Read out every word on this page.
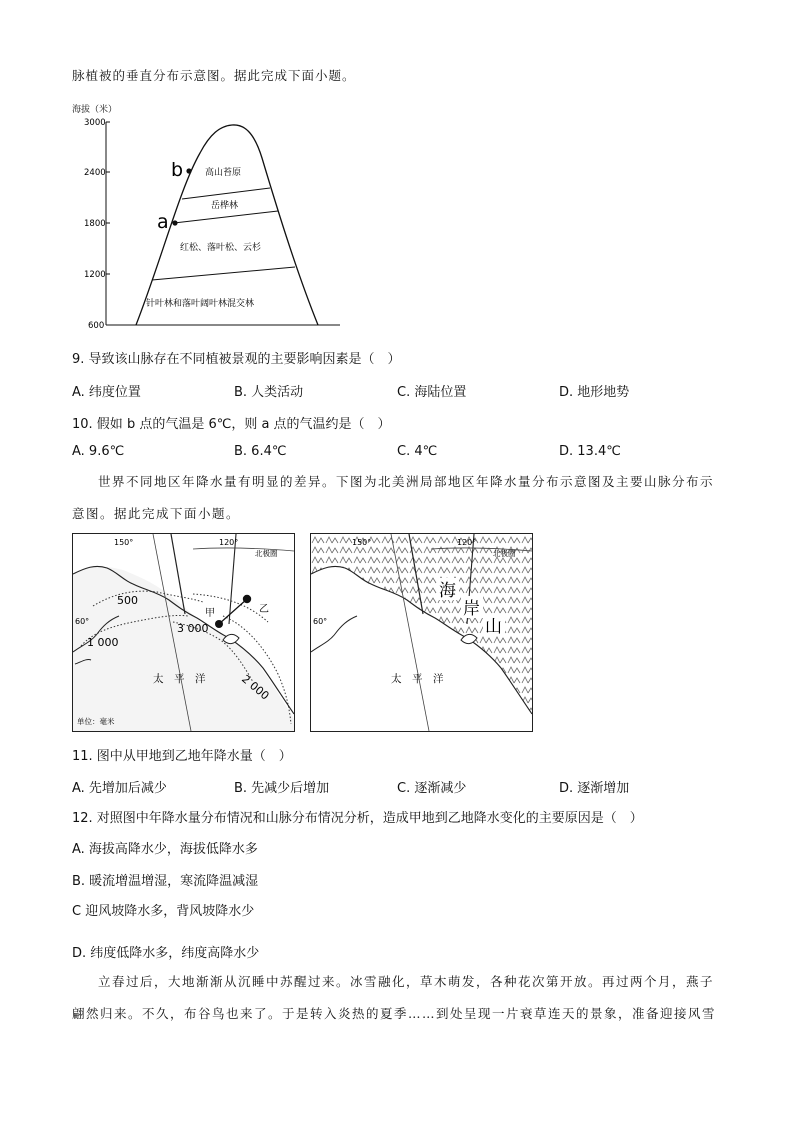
脉植被的垂直分布示意图。据此完成下面小题。
海拔（米）
3000
2400
1800
1200
600
高山苔原
岳桦林
红松、落叶松、云杉
针叶林和落叶阔叶林混交林
b
a
9. 导致该山脉存在不同植被景观的主要影响因素是（　）
A. 纬度位置	B. 人类活动	C. 海陆位置	D. 地形地势
10. 假如 b 点的气温是 6℃，则 a 点的气温约是（　）
A. 9.6℃	B. 6.4℃	C. 4℃	D. 13.4℃
世界不同地区年降水量有明显的差异。下图为北美洲局部地区年降水量分布示意图及主要山脉分布示意图。据此完成下面小题。
150°	120°
北极圈
60°
500
1 000
3 000
2 000
甲	乙
太　平　洋
单位：毫米
海
岸
山
150°	120°
北极圈
60°
太　平　洋
11. 图中从甲地到乙地年降水量（　）
A. 先增加后减少	B. 先减少后增加	C. 逐渐减少	D. 逐渐增加
12. 对照图中年降水量分布情况和山脉分布情况分析，造成甲地到乙地降水变化的主要原因是（　）
A. 海拔高降水少，海拔低降水多
B. 暖流增温增湿，寒流降温减湿
C 迎风坡降水多，背风坡降水少
D. 纬度低降水多，纬度高降水少
立春过后，大地渐渐从沉睡中苏醒过来。冰雪融化，草木萌发，各种花次第开放。再过两个月，燕子翩然归来。不久，布谷鸟也来了。于是转入炎热的夏季……到处呈现一片衰草连天的景象，准备迎接风雪
